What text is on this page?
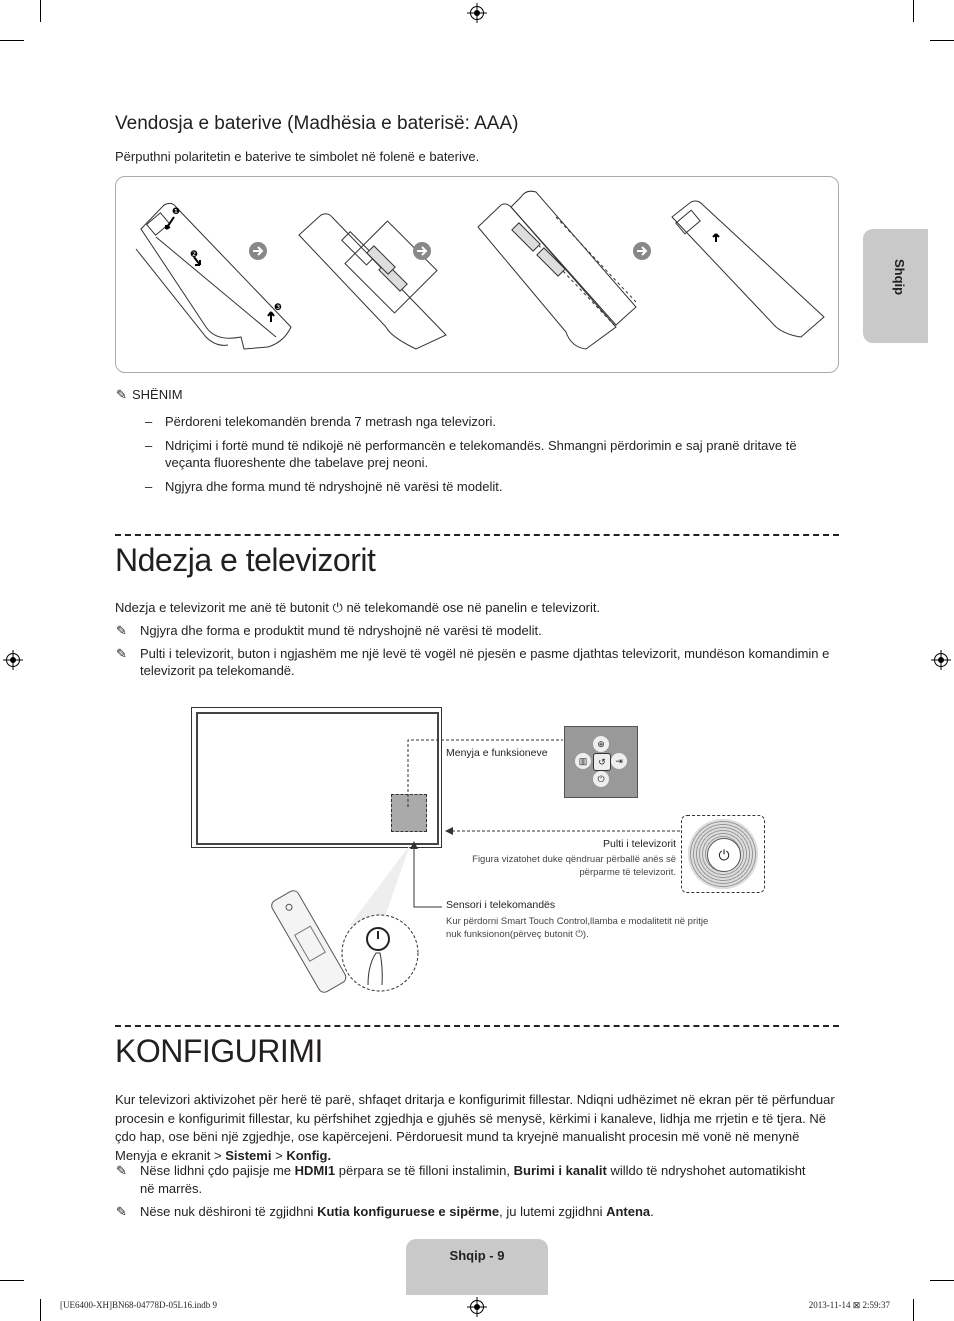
Shqip
Vendosja e baterive (Madhësia e baterisë: AAA)
Përputhni polaritetin e baterive te simbolet në folenë e baterive.
❶
❷
❸
✎ SHËNIM
– Përdoreni telekomandën brenda 7 metrash nga televizori.
– Ndriçimi i fortë mund të ndikojë në performancën e telekomandës. Shmangni përdorimin e saj pranë dritave të veçanta fluoreshente dhe tabelave prej neoni.
– Ngjyra dhe forma mund të ndryshojnë në varësi të modelit.
Ndezja e televizorit
Ndezja e televizorit me anë të butonit ⏻ në telekomandë ose në panelin e televizorit.
✎ Ngjyra dhe forma e produktit mund të ndryshojnë në varësi të modelit.
✎ Pulti i televizorit, buton i ngjashëm me një levë të vogël në pjesën e pasme djathtas televizorit, mundëson komandimin e televizorit pa telekomandë.
⊕
▥	↺	⇥
⏻
Menyja e funksioneve
⏻
Pulti i televizorit
Figura vizatohet duke qëndruar përballë anës së përparme të televizorit.
Sensori i telekomandës
Kur përdorni Smart Touch Control,llamba e modalitetit në pritje nuk funksionon(përveç butonit ⏻).
KONFIGURIMI
Kur televizori aktivizohet për herë të parë, shfaqet dritarja e konfigurimit fillestar. Ndiqni udhëzimet në ekran për të përfunduar procesin e konfigurimit fillestar, ku përfshihet zgjedhja e gjuhës së menysë, kërkimi i kanaleve, lidhja me rrjetin e të tjera. Në çdo hap, ose bëni një zgjedhje, ose kapërcejeni. Përdoruesit mund ta kryejnë manualisht procesin më vonë në menynë Menyja e ekranit > Sistemi > Konfig.
✎ Nëse lidhni çdo pajisje me HDMI1 përpara se të filloni instalimin, Burimi i kanalit willdo të ndryshohet automatikisht në marrës.
✎ Nëse nuk dëshironi të zgjidhni Kutia konfiguruese e sipërme, ju lutemi zgjidhni Antena.
Shqip - 9
[UE6400-XH]BN68-04778D-05L16.indb 9	2013-11-14 ⊠ 2:59:37
